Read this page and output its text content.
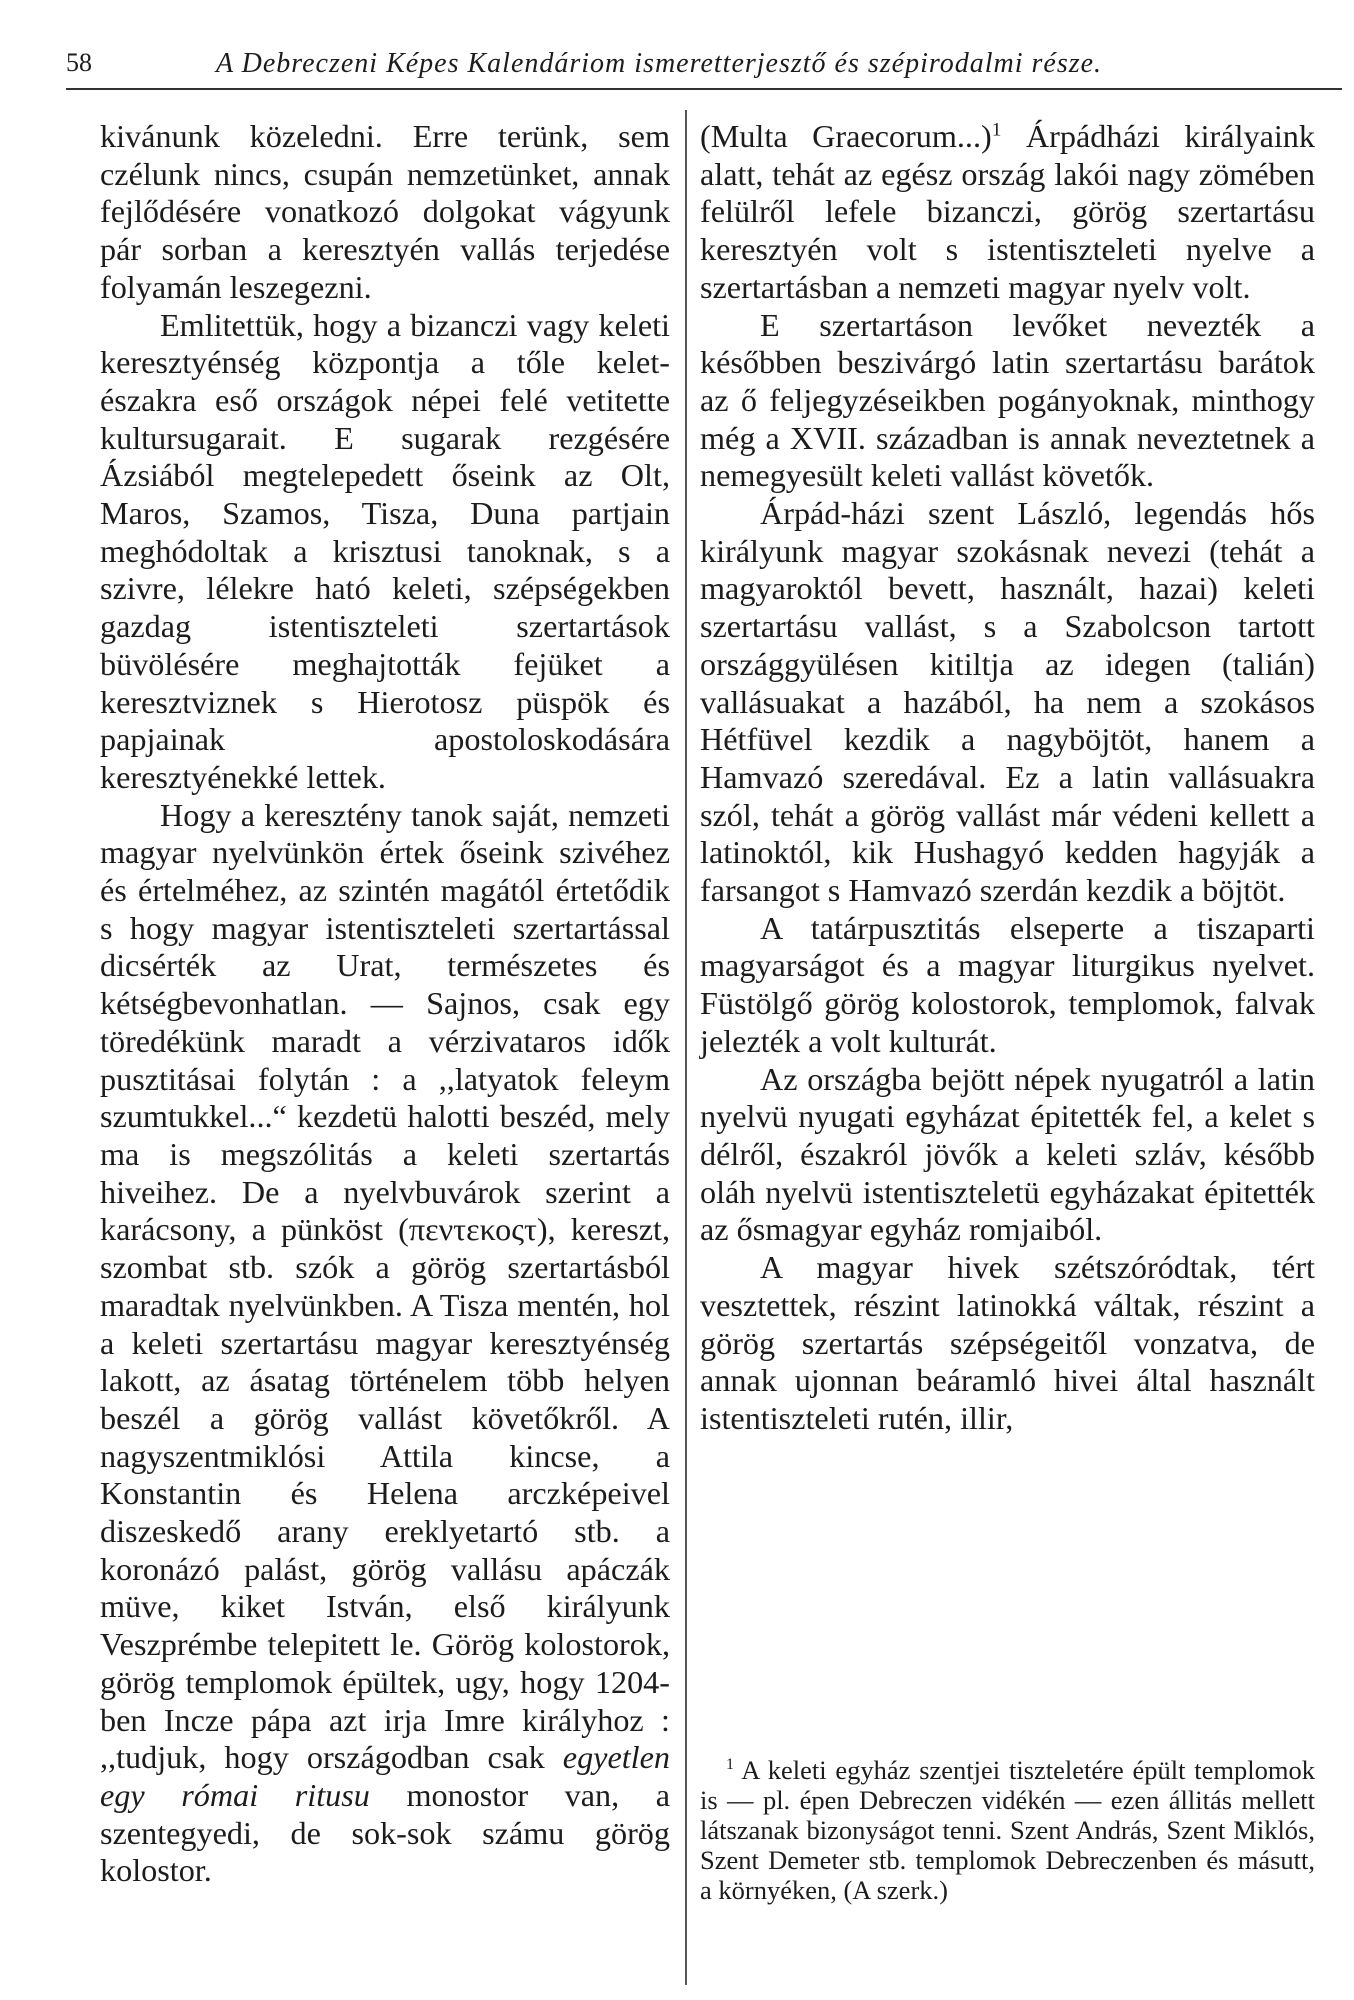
58	A Debreczeni Képes Kalendáriom ismeretterjesztő és szépirodalmi része.

kivánunk közeledni. Erre terünk, sem czélunk nincs, csupán nemzetünket, annak fejlődésére vonatkozó dolgokat vágyunk pár sorban a keresztyén vallás terjedése folyamán leszegezni.

Emlitettük, hogy a bizanczi vagy keleti keresztyénség központja a tőle kelet-északra eső országok népei felé vetitette kultursugarait. E sugarak rezgésére Ázsiából megtelepedett őseink az Olt, Maros, Szamos, Tisza, Duna partjain meghódoltak a krisztusi tanoknak, s a szivre, lélekre ható keleti, szépségekben gazdag istentiszteleti szertartások büvölésére meghajtották fejüket a keresztviznek s Hierotosz püspök és papjainak apostoloskodására keresztyénekké lettek.

Hogy a keresztény tanok saját, nemzeti magyar nyelvünkön értek őseink szivéhez és értelméhez, az szintén magától értetődik s hogy magyar istentiszteleti szertartással dicsérték az Urat, természetes és kétségbevonhatlan. — Sajnos, csak egy töredékünk maradt a vérzivataros idők pusztitásai folytán : a ,,latyatok feleym szumtukkel...“ kezdetü halotti beszéd, mely ma is megszólitás a keleti szertartás hiveihez. De a nyelvbuvárok szerint a karácsony, a pünköst (πεντεκοςτ), kereszt, szombat stb. szók a görög szertartásból maradtak nyelvünkben. A Tisza mentén, hol a keleti szertartásu magyar keresztyénség lakott, az ásatag történelem több helyen beszél a görög vallást követőkről. A nagyszentmiklósi Attila kincse, a Konstantin és Helena arczképeivel diszeskedő arany ereklyetartó stb. a koronázó palást, görög vallásu apáczák müve, kiket István, első királyunk Veszprémbe telepitett le. Görög kolostorok, görög templomok épültek, ugy, hogy 1204-ben Incze pápa azt irja Imre királyhoz : ,,tudjuk, hogy országodban csak egyetlen egy római ritusu monostor van, a szentegyedi, de sok-sok számu görög kolostor.

(Multa Graecorum...)$^1$ Árpádházi királyaink alatt, tehát az egész ország lakói nagy zömében felülről lefele bizanczi, görög szertartásu keresztyén volt s istentiszteleti nyelve a szertartásban a nemzeti magyar nyelv volt.

E szertartáson levőket nevezték a későbben beszivárgó latin szertartásu barátok az ő feljegyzéseikben pogányoknak, minthogy még a XVII. században is annak neveztetnek a nemegyesült keleti vallást követők.

Árpád-házi szent László, legendás hős királyunk magyar szokásnak nevezi (tehát a magyaroktól bevett, használt, hazai) keleti szertartásu vallást, s a Szabolcson tartott országgyülésen kitiltja az idegen (talián) vallásuakat a hazából, ha nem a szokásos Hétfüvel kezdik a nagyböjtöt, hanem a Hamvazó szeredával. Ez a latin vallásuakra szól, tehát a görög vallást már védeni kellett a latinoktól, kik Hushagyó kedden hagyják a farsangot s Hamvazó szerdán kezdik a böjtöt.

A tatárpusztitás elseperte a tiszaparti magyarságot és a magyar liturgikus nyelvet. Füstölgő görög kolostorok, templomok, falvak jelezték a volt kulturát.

Az országba bejött népek nyugatról a latin nyelvü nyugati egyházat épitették fel, a kelet s délről, északról jövők a keleti szláv, később oláh nyelvü istentiszteletü egyházakat épitették az ősmagyar egyház romjaiból.

A magyar hivek szétszóródtak, tért vesztettek, részint latinokká váltak, részint a görög szertartás szépségeitől vonzatva, de annak ujonnan beáramló hivei által használt istentiszteleti rutén, illir,

$^1$ A keleti egyház szentjei tiszteletére épült templomok is — pl. épen Debreczen vidékén — ezen állitás mellett látszanak bizonyságot tenni. Szent András, Szent Miklós, Szent Demeter stb. templomok Debreczenben és másutt, a környéken, (A szerk.)
